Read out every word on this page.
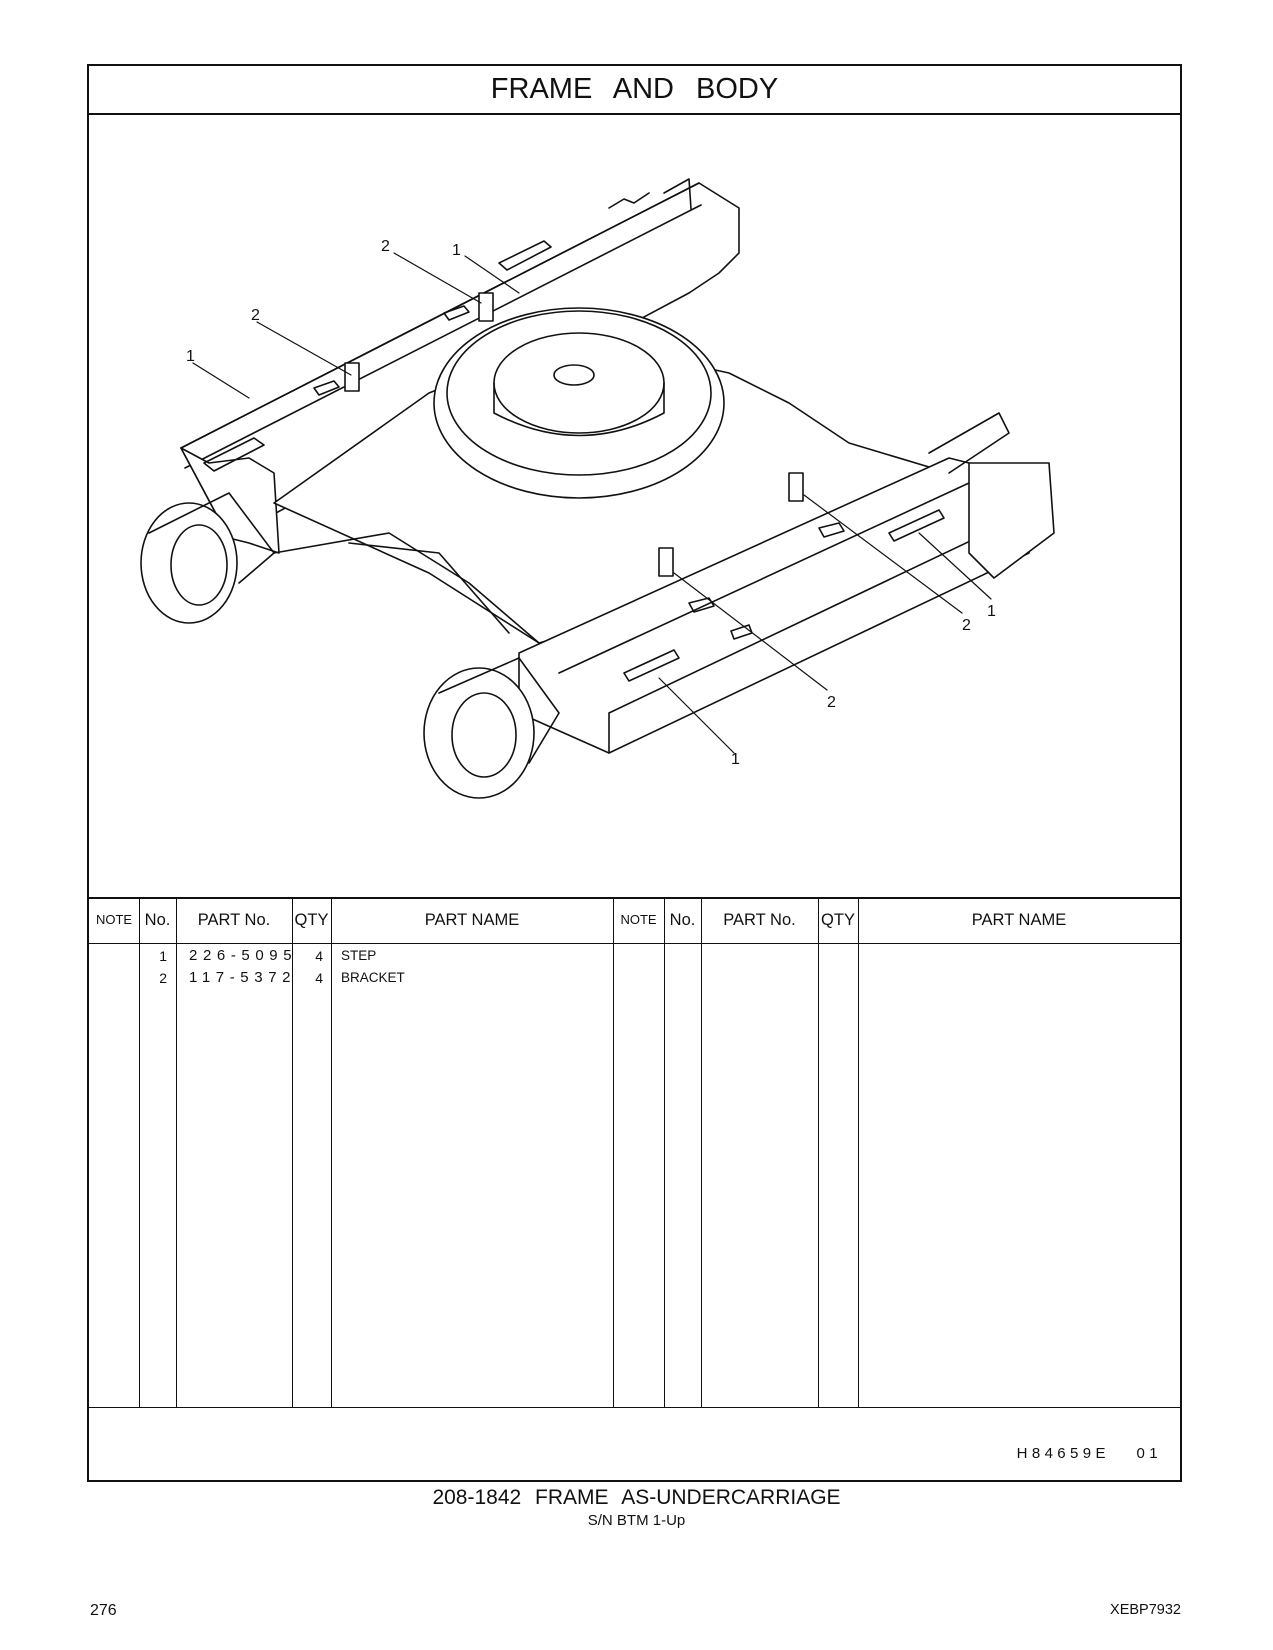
FRAME AND BODY
1
2
2
1
2
1
2
1
NOTE No.	PART No.	QTY	PART NAME	NOTE No.	PART No.	QTY	PART NAME
1 226-5095	4 STEP
2 117-5372	4 BRACKET
H84659E 01
208-1842 FRAME AS-UNDERCARRIAGE
S/N BTM 1-Up
276	XEBP7932
